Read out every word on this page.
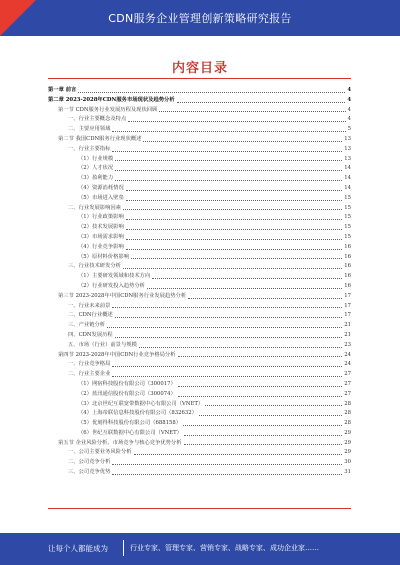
CDN服务企业管理创新策略研究报告
内容目录
第一章 前言	4
第二章 2023-2028年CDN服务市场现状及趋势分析	4
第一节 CDN服务行业发展历程及现状回顾	4
一、行业主要概念及特点	4
二、主要应用领域	5
第二节 我国CDN服务行业现状概述	13
一、行业主要指标	13
（1）行业规模	13
（2）人才状况	14
（3）盈利能力	14
（4）资源消耗情况	14
（5）市场进入壁垒	15
二、行业发展影响因素	15
（1）行业政策影响	15
（2）技术发展影响	15
（3）市场需求影响	15
（4）行业竞争影响	16
（5）原材料价格影响	16
三、行业技术研发分析	16
（1）主要研发领域和技术方向	16
（2）行业研发投入趋势分析	16
第三节 2023-2028年中国CDN服务行业发展趋势分析	17
一、行业未来前景	17
二、CDN行业概述	17
三、产业链分析	21
四、CDN发展历程	21
五、市场（行业）前景与规模	23
第四节 2023-2028年中国CDN行业竞争格局分析	24
一、行业竞争格局	24
二、行业主要企业	27
（1）网宿科技股份有限公司（300017）	27
（2）蓝汛通信股份有限公司（300074）	27
（3）北京世纪互联宽带数据中心有限公司（VNET）	28
（4）上海帝联信息科技股份有限公司（832632）	28
（5）优刻得科技股份有限公司（688158）	28
（6）世纪互联数据中心有限公司（VNET）	29
第五节 企业风险分析、市场竞争与核心竞争优势分析	29
一、公司主要业务风险分析	29
二、公司竞争分析	30
三、公司竞争优势	31
让每个人都能成为	行业专家、管理专家、营销专家、战略专家、成功企业家……
